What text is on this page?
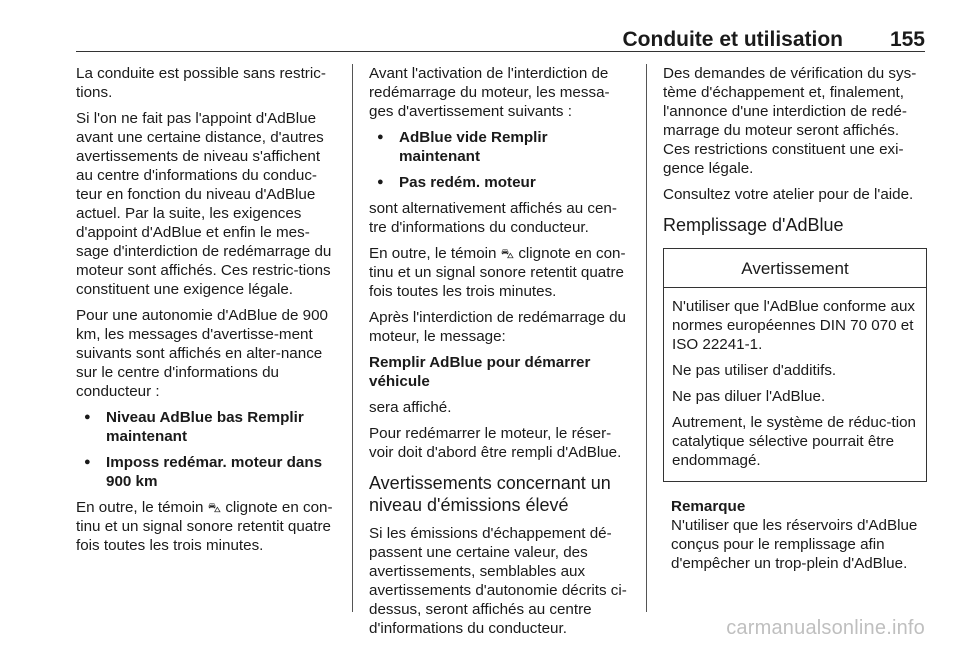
Conduite et utilisation 155

La conduite est possible sans restric-tions.

Si l'on ne fait pas l'appoint d'AdBlue avant une certaine distance, d'autres avertissements de niveau s'affichent au centre d'informations du conduc-teur en fonction du niveau d'AdBlue actuel. Par la suite, les exigences d'appoint d'AdBlue et enfin le mes-sage d'interdiction de redémarrage du moteur sont affichés. Ces restric-tions constituent une exigence légale.

Pour une autonomie d'AdBlue de 900 km, les messages d'avertisse-ment suivants sont affichés en alter-nance sur le centre d'informations du conducteur :

● Niveau AdBlue bas Remplir maintenant
● Imposs redémar. moteur dans 900 km

En outre, le témoin ⛍ clignote en con-tinu et un signal sonore retentit quatre fois toutes les trois minutes.

Avant l'activation de l'interdiction de redémarrage du moteur, les messa-ges d'avertissement suivants :

● AdBlue vide Remplir maintenant
● Pas redém. moteur

sont alternativement affichés au cen-tre d'informations du conducteur.

En outre, le témoin ⛍ clignote en con-tinu et un signal sonore retentit quatre fois toutes les trois minutes.

Après l'interdiction de redémarrage du moteur, le message:

Remplir AdBlue pour démarrer véhicule

sera affiché.

Pour redémarrer le moteur, le réser-voir doit d'abord être rempli d'AdBlue.

Avertissements concernant un niveau d'émissions élevé

Si les émissions d'échappement dé-passent une certaine valeur, des avertissements, semblables aux avertissements d'autonomie décrits ci-dessus, seront affichés au centre d'informations du conducteur.

Des demandes de vérification du sys-tème d'échappement et, finalement, l'annonce d'une interdiction de redé-marrage du moteur seront affichés. Ces restrictions constituent une exi-gence légale.

Consultez votre atelier pour de l'aide.

Remplissage d'AdBlue
Avertissement

N'utiliser que l'AdBlue conforme aux normes européennes DIN 70 070 et ISO 22241-1.

Ne pas utiliser d'additifs.

Ne pas diluer l'AdBlue.

Autrement, le système de réduc-tion catalytique sélective pourrait être endommagé.

Remarque
N'utiliser que les réservoirs d'AdBlue conçus pour le remplissage afin d'empêcher un trop-plein d'AdBlue.
carmanualsonline.info
